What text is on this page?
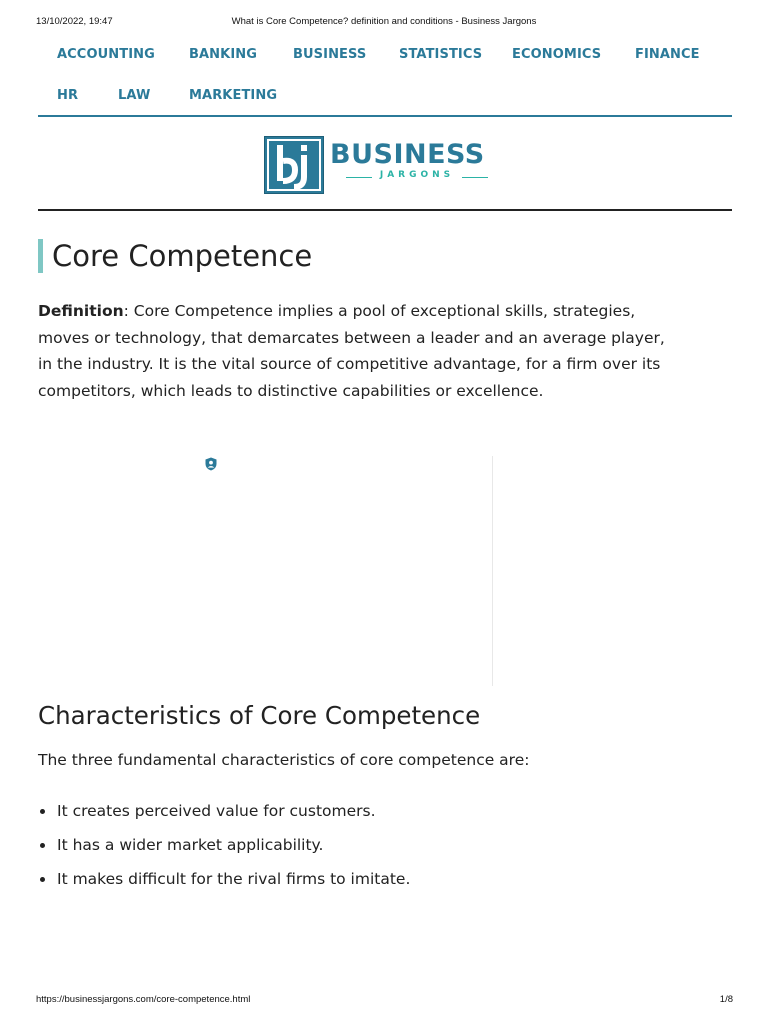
13/10/2022, 19:47	What is Core Competence? definition and conditions - Business Jargons
ACCOUNTING	BANKING	BUSINESS	STATISTICS ECONOMICS	FINANCE
HR	LAW	MARKETING
BUSINESS
JARGONS
Core Competence

Definition: Core Competence implies a pool of exceptional skills, strategies, moves or technology, that demarcates between a leader and an average player, in the industry. It is the vital source of competitive advantage, for a firm over its competitors, which leads to distinctive capabilities or excellence.

Characteristics of Core Competence

The three fundamental characteristics of core competence are:

It creates perceived value for customers.
It has a wider market applicability.
It makes difficult for the rival firms to imitate.
https://businessjargons.com/core-competence.html	1/8
